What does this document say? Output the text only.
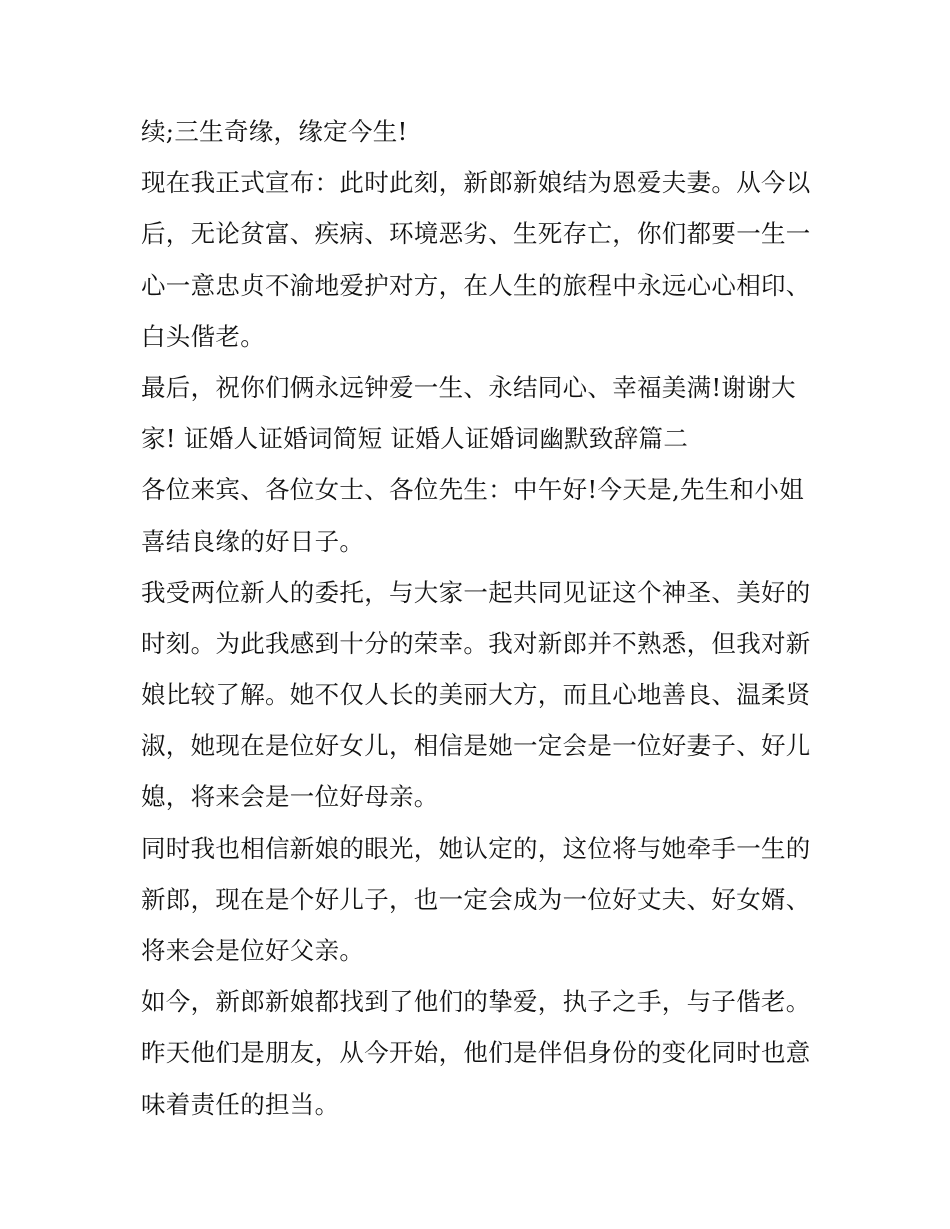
续;三生奇缘，缘定今生!
现在我正式宣布：此时此刻，新郎新娘结为恩爱夫妻。从今以
后，无论贫富、疾病、环境恶劣、生死存亡，你们都要一生一
心一意忠贞不渝地爱护对方，在人生的旅程中永远心心相印、
白头偕老。
最后，祝你们俩永远钟爱一生、永结同心、幸福美满!谢谢大
家! 证婚人证婚词简短 证婚人证婚词幽默致辞篇二
各位来宾、各位女士、各位先生：中午好!今天是,先生和小姐
喜结良缘的好日子。
我受两位新人的委托，与大家一起共同见证这个神圣、美好的
时刻。为此我感到十分的荣幸。我对新郎并不熟悉，但我对新
娘比较了解。她不仅人长的美丽大方，而且心地善良、温柔贤
淑，她现在是位好女儿，相信是她一定会是一位好妻子、好儿
媳，将来会是一位好母亲。
同时我也相信新娘的眼光，她认定的，这位将与她牵手一生的
新郎，现在是个好儿子，也一定会成为一位好丈夫、好女婿、
将来会是位好父亲。
如今，新郎新娘都找到了他们的挚爱，执子之手，与子偕老。
昨天他们是朋友，从今开始，他们是伴侣身份的变化同时也意
味着责任的担当。
